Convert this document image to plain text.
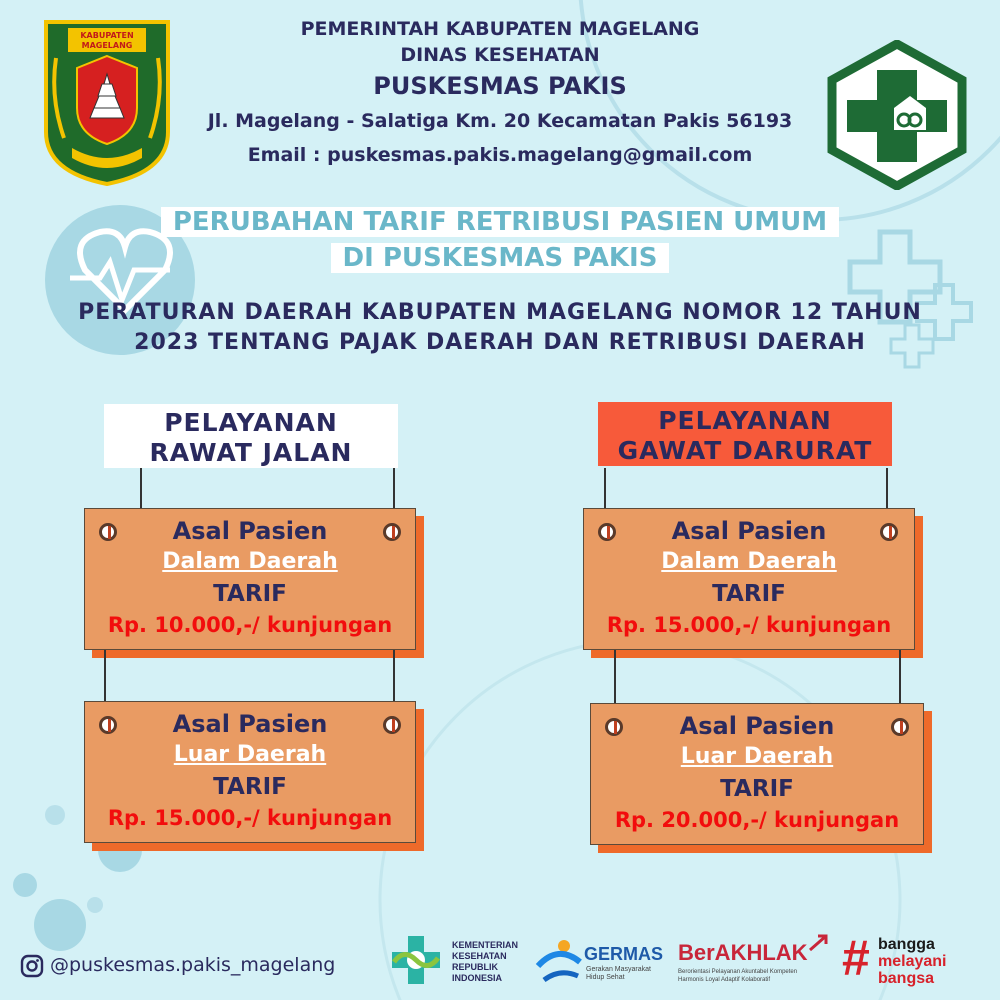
KABUPATEN
MAGELANG
PEMERINTAH KABUPATEN MAGELANG
DINAS KESEHATAN
PUSKESMAS PAKIS
Jl. Magelang - Salatiga Km. 20 Kecamatan Pakis 56193
Email : puskesmas.pakis.magelang@gmail.com
PERUBAHAN TARIF RETRIBUSI PASIEN UMUM
DI PUSKESMAS PAKIS
PERATURAN DAERAH KABUPATEN MAGELANG NOMOR 12 TAHUN
2023 TENTANG PAJAK DAERAH DAN RETRIBUSI DAERAH
PELAYANAN
RAWAT JALAN
Asal Pasien
Dalam Daerah
TARIF
Rp. 10.000,-/ kunjungan
Asal Pasien
Luar Daerah
TARIF
Rp. 15.000,-/ kunjungan
PELAYANAN
GAWAT DARURAT
Asal Pasien
Dalam Daerah
TARIF
Rp. 15.000,-/ kunjungan
Asal Pasien
Luar Daerah
TARIF
Rp. 20.000,-/ kunjungan
@puskesmas.pakis_magelang
KEMENTERIAN
KESEHATAN
REPUBLIK
INDONESIA
GERMAS
Gerakan Masyarakat
Hidup Sehat
BerAKHLAK
Berorientasi Pelayanan Akuntabel Kompeten
Harmonis Loyal Adaptif Kolaboratif	# bangga
melayani
bangsa
